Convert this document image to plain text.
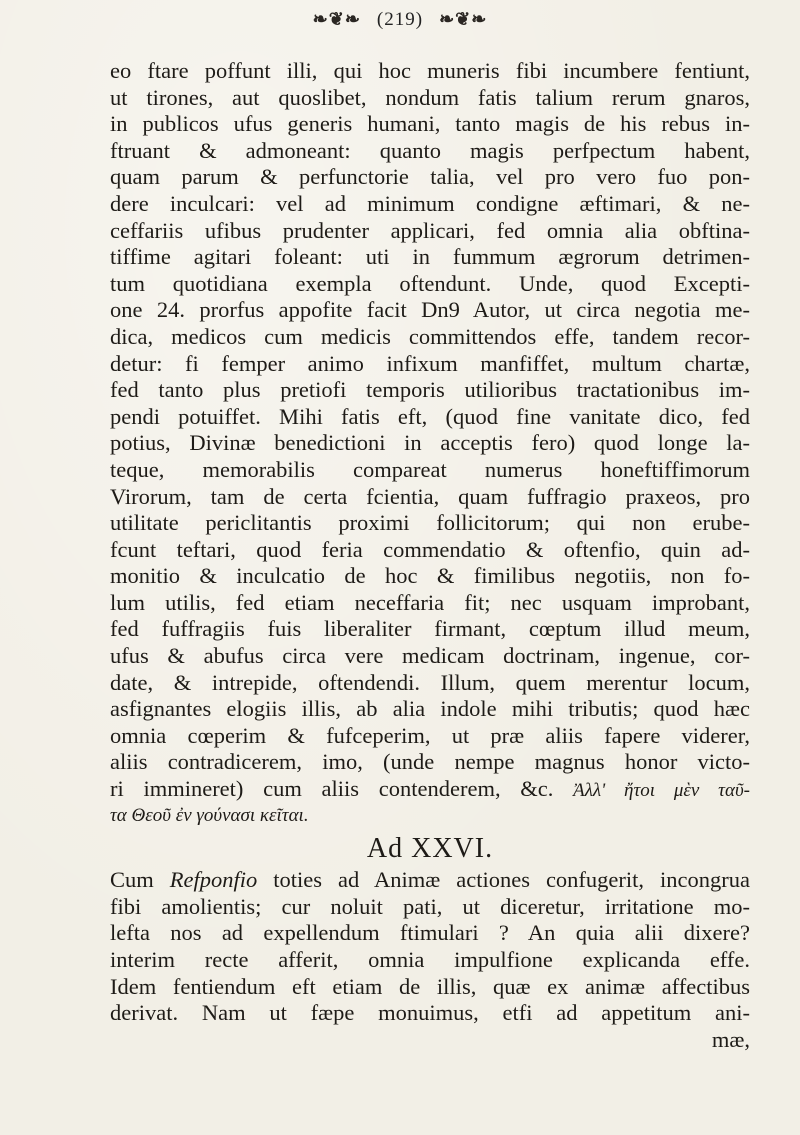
❧❦❧ (219) ❧❦❧
eo ftare poffunt illi, qui hoc muneris fibi incumbere fentiunt,
ut tirones, aut quoslibet, nondum fatis talium rerum gnaros,
in publicos ufus generis humani, tanto magis de his rebus in-
ftruant & admoneant: quanto magis perfpectum habent,
quam parum & perfunctorie talia, vel pro vero fuo pon-
dere inculcari: vel ad minimum condigne æftimari, & ne-
ceffariis ufibus prudenter applicari, fed omnia alia obftina-
tiffime agitari foleant: uti in fummum ægrorum detrimen-
tum quotidiana exempla oftendunt. Unde, quod Excepti-
one 24. prorfus appofite facit Dn9 Autor, ut circa negotia me-
dica, medicos cum medicis committendos effe, tandem recor-
detur: fi femper animo infixum manfiffet, multum chartæ,
fed tanto plus pretiofi temporis utilioribus tractationibus im-
pendi potuiffet. Mihi fatis eft, (quod fine vanitate dico, fed
potius, Divinæ benedictioni in acceptis fero) quod longe la-
teque, memorabilis compareat numerus honeftiffimorum
Virorum, tam de certa fcientia, quam fuffragio praxeos, pro
utilitate periclitantis proximi follicitorum; qui non erube-
fcunt teftari, quod feria commendatio & oftenfio, quin ad-
monitio & inculcatio de hoc & fimilibus negotiis, non fo-
lum utilis, fed etiam neceffaria fit; nec usquam improbant,
fed fuffragiis fuis liberaliter firmant, cœptum illud meum,
ufus & abufus circa vere medicam doctrinam, ingenue, cor-
date, & intrepide, oftendendi. Illum, quem merentur locum,
asfignantes elogiis illis, ab alia indole mihi tributis; quod hæc
omnia cœperim & fufceperim, ut præ aliis fapere viderer,
aliis contradicerem, imo, (unde nempe magnus honor victo-
ri immineret) cum aliis contenderem, &c. Ἀλλ' ἤτοι μὲν ταῦ-
τα Θεοῦ ἐν γούνασι κεῖται.
Ad XXVI.
Cum Refponfio toties ad Animæ actiones confugerit, incongrua
fibi amolientis; cur noluit pati, ut diceretur, irritatione mo-
lefta nos ad expellendum ftimulari ? An quia alii dixere?
interim recte afferit, omnia impulfione explicanda effe.
Idem fentiendum eft etiam de illis, quæ ex animæ affectibus
derivat. Nam ut fæpe monuimus, etfi ad appetitum ani-
mæ,
